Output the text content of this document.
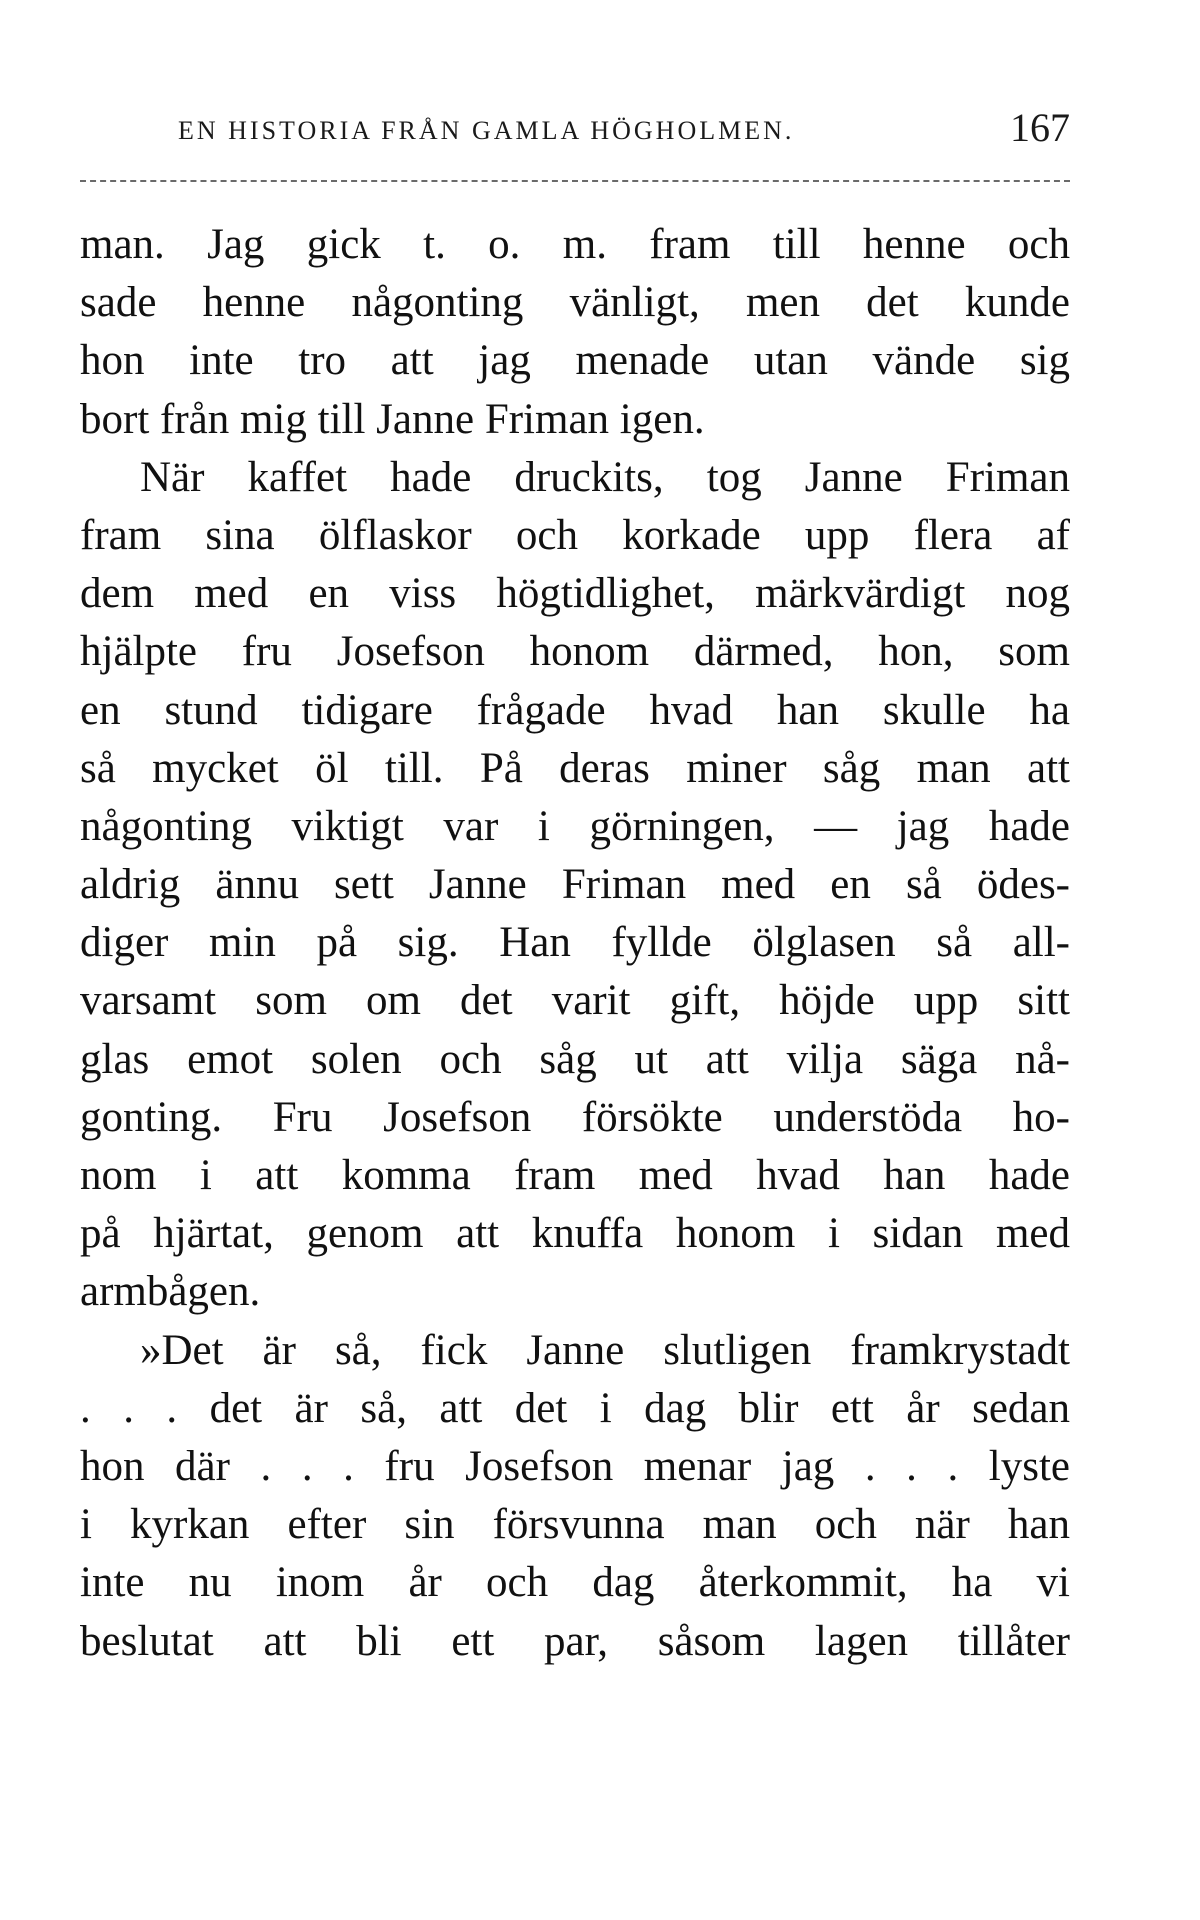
EN HISTORIA FRÅN GAMLA HÖGHOLMEN.	167
man. Jag gick t. o. m. fram till henne och
sade henne någonting vänligt, men det kunde
hon inte tro att jag menade utan vände sig
bort från mig till Janne Friman igen.
När kaffet hade druckits, tog Janne Friman
fram sina ölflaskor och korkade upp flera af
dem med en viss högtidlighet, märkvärdigt nog
hjälpte fru Josefson honom därmed, hon, som
en stund tidigare frågade hvad han skulle ha
så mycket öl till. På deras miner såg man att
någonting viktigt var i görningen, — jag hade
aldrig ännu sett Janne Friman med en så ödes-
diger min på sig. Han fyllde ölglasen så all-
varsamt som om det varit gift, höjde upp sitt
glas emot solen och såg ut att vilja säga nå-
gonting. Fru Josefson försökte understöda ho-
nom i att komma fram med hvad han hade
på hjärtat, genom att knuffa honom i sidan med
armbågen.
»Det är så, fick Janne slutligen framkrystadt
. . . det är så, att det i dag blir ett år sedan
hon där . . . fru Josefson menar jag . . . lyste
i kyrkan efter sin försvunna man och när han
inte nu inom år och dag återkommit, ha vi
beslutat att bli ett par, såsom lagen tillåter
